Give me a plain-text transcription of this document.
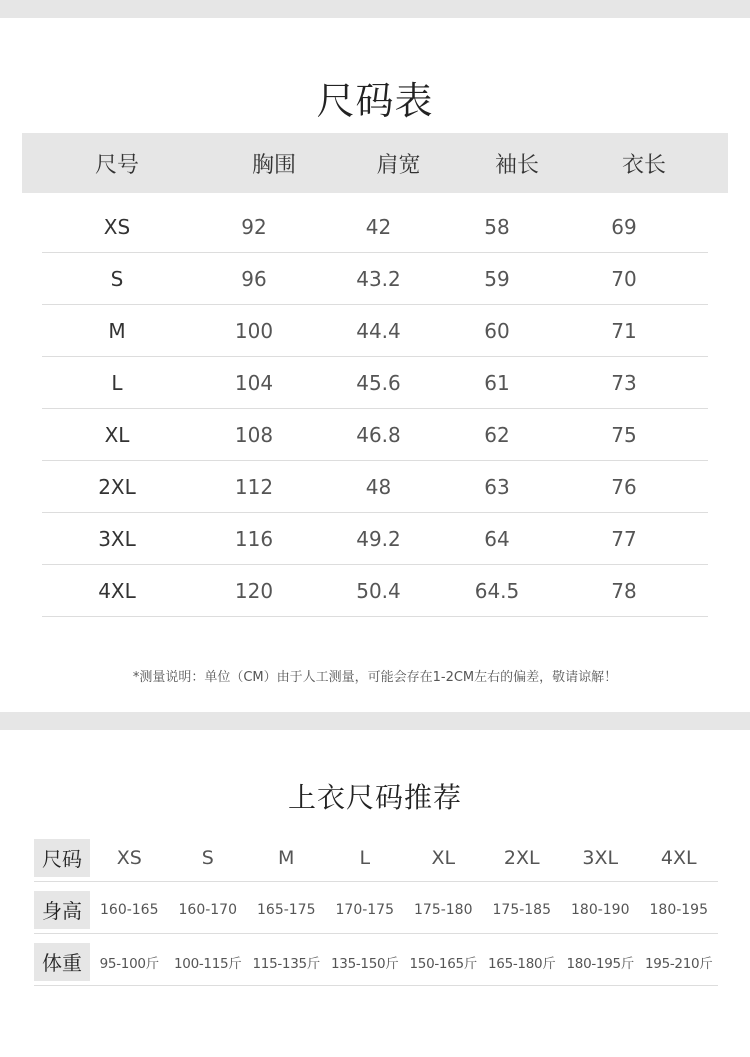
尺码表
尺号	胸围	肩宽	袖长	衣长
XS	92	42	58	69
S	96	43.2	59	70
M	100	44.4	60	71
L	104	45.6	61	73
XL	108	46.8	62	75
2XL	112	48	63	76
3XL	116	49.2	64	77
4XL	120	50.4	64.5	78
*测量说明：单位（CM）由于人工测量，可能会存在1-2CM左右的偏差，敬请谅解！
上衣尺码推荐
尺码	XS	S	M	L	XL	2XL	3XL	4XL
身高	160-165	160-170	165-175	170-175	175-180	175-185	180-190	180-195
体重	95-100斤	100-115斤 115-135斤 135-150斤 150-165斤 165-180斤 180-195斤 195-210斤
